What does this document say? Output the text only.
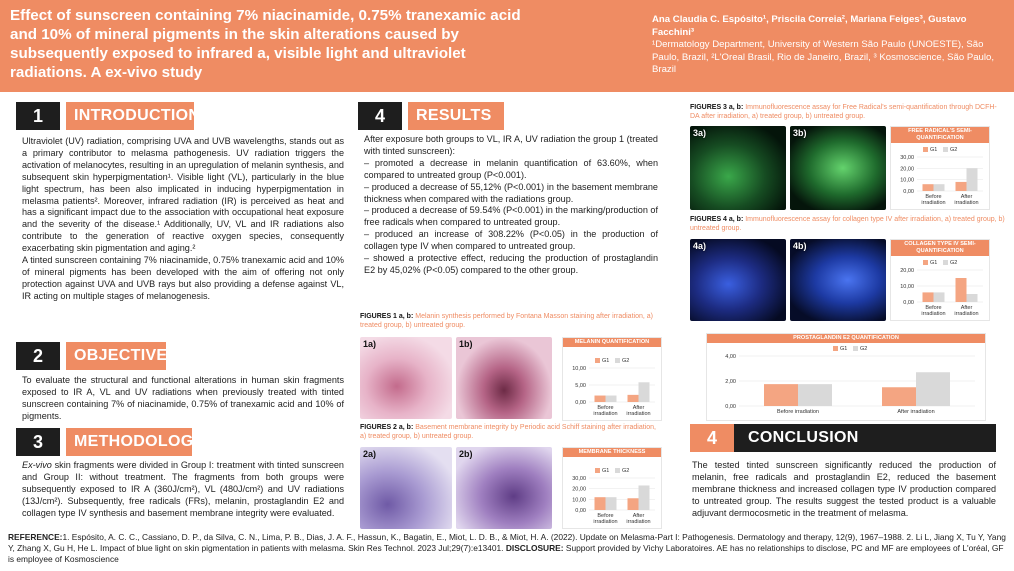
Effect of sunscreen containing 7% niacinamide, 0.75% tranexamic acid and 10% of mineral pigments in the skin alterations caused by subsequently exposed to infrared a, visible light and ultraviolet radiations. A ex-vivo study
Ana Claudia C. Espósito¹, Priscila Correia², Mariana Feiges³, Gustavo Facchini³
¹Dermatology Department, University of Western São Paulo (UNOESTE), São Paulo, Brazil, ²L'Oreal Brasil, Rio de Janeiro, Brazil, ³ Kosmoscience, São Paulo, Brazil
1	INTRODUCTION

Ultraviolet (UV) radiation, comprising UVA and UVB wavelengths, stands out as a primary contributor to melasma pathogenesis. UV radiation triggers the activation of melanocytes, resulting in an upregulation of melanin synthesis, and subsequent skin hyperpigmentation¹. Visible light (VL), particularly in the blue light spectrum, has been also implicated in inducing hyperpigmentation in melasma patients². Moreover, infrared radiation (IR) is perceived as heat and has a significant impact due to the association with occupational heat exposure and the severity of the disease.¹ Additionally, UV, VL and IR radiations also contribute to the generation of reactive oxygen species, consequently exacerbating skin pigmentation and aging.²

A tinted sunscreen containing 7% niacinamide, 0.75% tranexamic acid and 10% of mineral pigments has been developed with the aim of offering not only protection against UVA and UVB rays but also providing a defense against VL, IR acting on multiple stages of melanogenesis.

2	OBJECTIVE

To evaluate the structural and functional alterations in human skin fragments exposed to IR A, VL and UV radiations when previously treated with tinted sunscreen containing 7% of niacinamide, 0.75% of tranexamic acid and 10% of pigments.

3	METHODOLOGY

Ex-vivo skin fragments were divided in Group I: treatment with tinted sunscreen and Group II: without treatment. The fragments from both groups were subsequently exposed to IR A (360J/cm²), VL (480J/cm²) and UV radiations (13J/cm²). Subsequently, free radicals (FRs), melanin, prostaglandin E2 and collagen type IV synthesis and basement membrane integrity were evaluated.

4	RESULTS

After exposure both groups to VL, IR A, UV radiation the group 1 (treated with tinted sunscreen):

– promoted a decrease in melanin quantification of 63.60%, when compared to untreated group (P<0.001).

– produced a decrease of 55,12% (P<0.001) in the basement membrane thickness when compared with the radiations group.

– produced a decrease of 59.54% (P<0.001) in the marking/production of free radicals when compared to untreated group.

– produced an increase of 308.22% (P<0.05) in the production of collagen type IV when compared to untreated group.

– showed a protective effect, reducing the production of prostaglandin E2 by 45,02% (P<0.05) compared to the other group.

FIGURES 1 a, b: Melanin synthesis performed by Fontana Masson staining after irradiation, a) treated group, b) untreated group.
1a)	1b)	MELANIN QUANTIFICATION
G1 G2
0,00
5,00
10,00
Before
irradiation
After
irradiation
FIGURES 2 a, b: Basement membrane integrity by Periodic acid Schiff staining after irradiation, a) treated group, b) untreated group.
2a)	2b)	MEMBRANE THICKNESS
G1 G2
0,00
10,00
20,00
30,00
Before
irradiation
After
irradiation
FIGURES 3 a, b: Immunofluorescence assay for Free Radical's semi-quantification through DCFH-DA after irradiation, a) treated group, b) untreated group.
3a)	3b)	FREE RADICAL'S SEMI-QUANTIFICATION
G1 G2
0,00
10,00
20,00
30,00
Before
irradiation
After
irradiation
FIGURES 4 a, b: Immunofluorescence assay for collagen type IV after irradiation, a) treated group, b) untreated group.
4a)	4b)	COLLAGEN TYPE IV SEMI-QUANTIFICATION
G1 G2
0,00
10,00
20,00
Before
irradiation
After
irradiation
PROSTAGLANDIN E2 QUANTIFICATION
G1 G2
0,00
2,00
4,00
Before irradiation	After irradiation
4	CONCLUSION

The tested tinted sunscreen significantly reduced the production of melanin, free radicals and prostaglandin E2, reduced the basement membrane thickness and increased collagen type IV production compared to untreated group. The results suggest the tested product is a valuable adjuvant dermocosmetic in the treatment of melasma.

REFERENCE:1. Espósito, A. C. C., Cassiano, D. P., da Silva, C. N., Lima, P. B., Dias, J. A. F., Hassun, K., Bagatin, E., Miot, L. D. B., & Miot, H. A. (2022). Update on Melasma-Part I: Pathogenesis. Dermatology and therapy, 12(9), 1967–1988. 2. Li L, Jiang X, Tu Y, Yang Y, Zhang X, Gu H, He L. Impact of blue light on skin pigmentation in patients with melasma. Skin Res Technol. 2023 Jul;29(7):e13401. DISCLOSURE: Support provided by Vichy Laboratoires. AE has no relationships to disclose, PC and MF are employees of L'oréal, GF is employee of Kosmoscience
